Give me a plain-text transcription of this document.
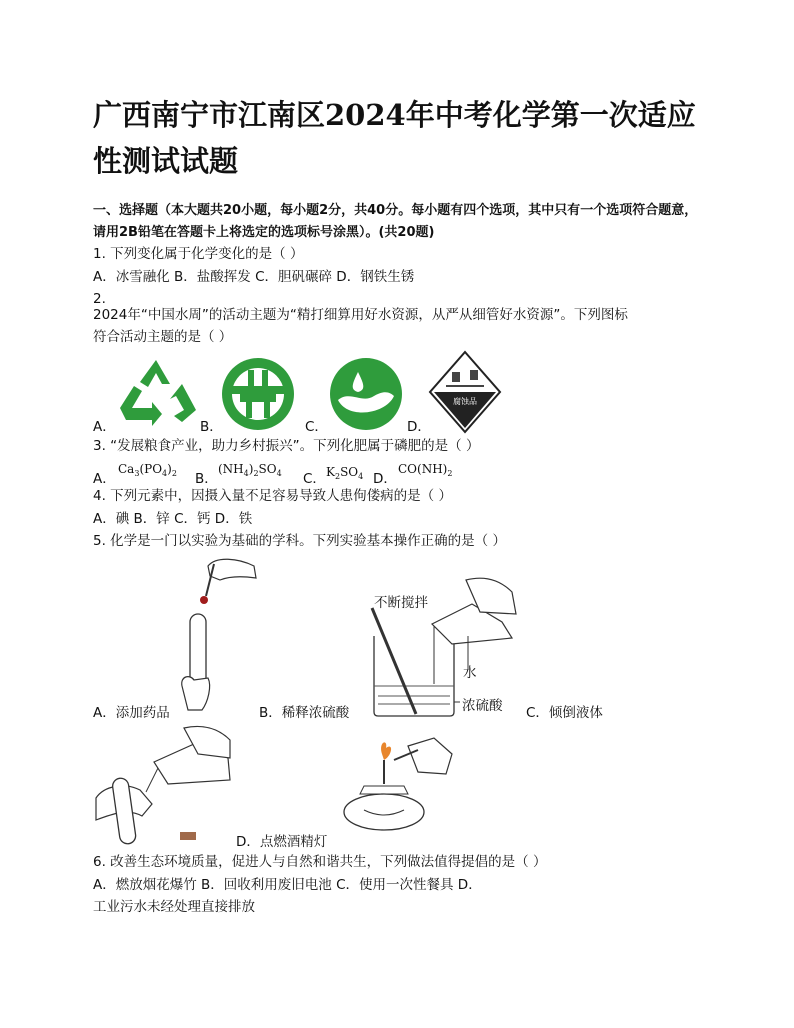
广西南宁市江南区2024年中考化学第一次适应性测试试题
一、选择题（本大题共20小题，每小题2分，共40分。每小题有四个选项，其中只有一个选项符合题意，请用2B铅笔在答题卡上将选定的选项标号涂黑）。(共20题)
1. 下列变化属于化学变化的是（ ）
A．冰雪融化 B．盐酸挥发 C．胆矾碾碎 D．钢铁生锈
2.
2024年“中国水周”的活动主题为“精打细算用好水资源，从严从细管好水资源”。下列图标
符合活动主题的是（ ）
A．	B．	C．	D．
腐蚀品
3. “发展粮食产业，助力乡村振兴”。下列化肥属于磷肥的是（ ）
A．
$Ca_3(PO_4)_2$ B．
$(NH_4)_2SO_4$ C． $K_2SO_4$ D．
$CO(NH)_2$
4. 下列元素中，因摄入量不足容易导致人患佝偻病的是（ ）
A．碘 B．锌 C．钙 D．铁
5. 化学是一门以实验为基础的学科。下列实验基本操作正确的是（ ）
A．添加药品
不断搅拌
水
浓硫酸
B．稀释浓硫酸	C．倾倒液体
D．点燃酒精灯
6. 改善生态环境质量，促进人与自然和谐共生，下列做法值得提倡的是（ ）
A．燃放烟花爆竹 B．回收利用废旧电池 C．使用一次性餐具 D．
工业污水未经处理直接排放
